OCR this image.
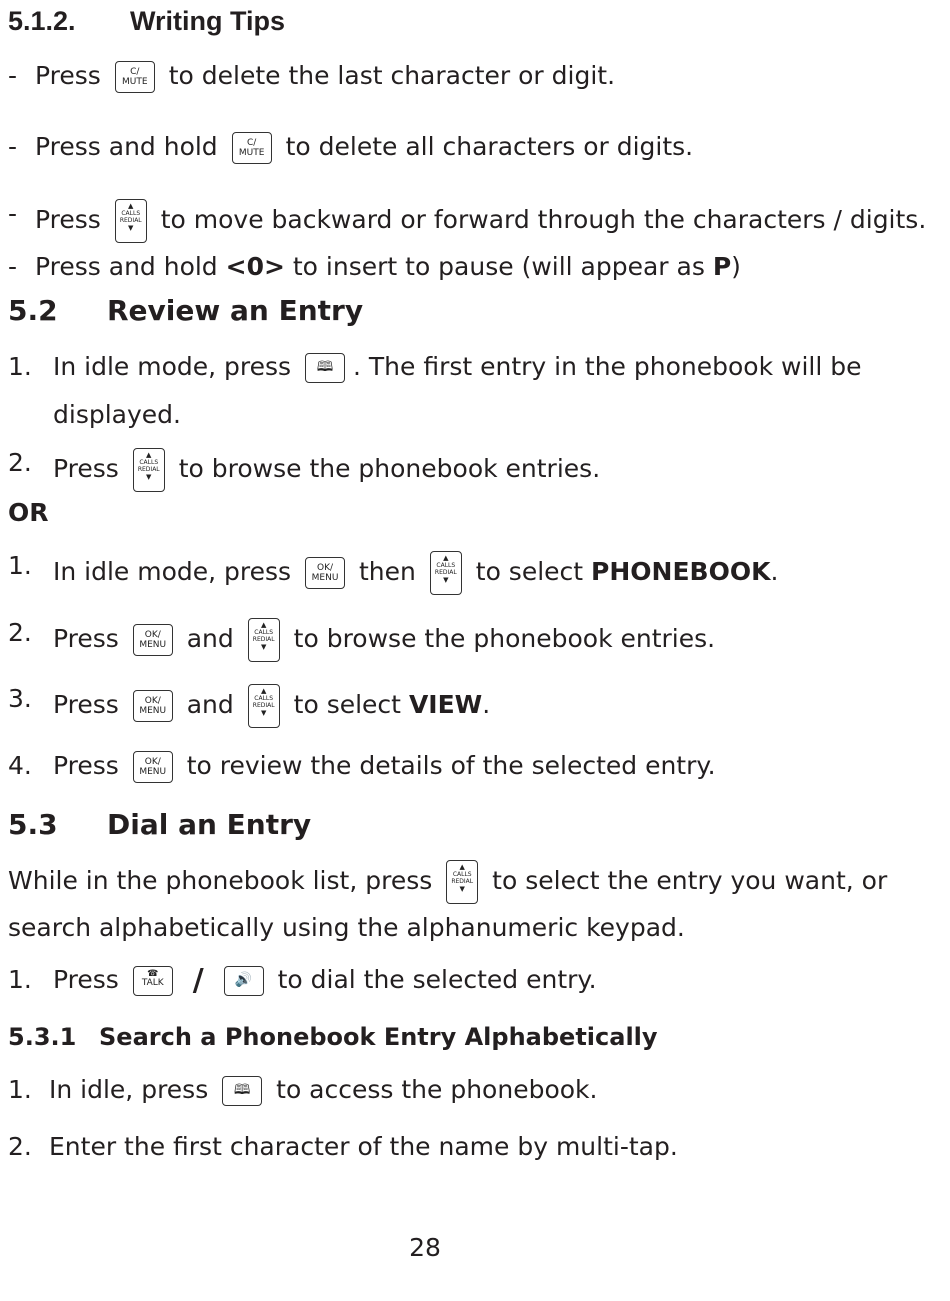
5.1.2. Writing Tips
- Press	C/
MUTE to delete the last character or digit.
- Press and hold	C/
MUTE to delete all characters or digits.
- Press	▲
CALLS
REDIAL
▼	to move backward or forward through the characters / digits.
- Press and hold <0> to insert to pause (will appear as P)
5.2 Review an Entry
1. In idle mode, press 🕮 . The first entry in the phonebook will be
displayed.
2. Press	▲
CALLS
REDIAL
▼	to browse the phonebook entries.
OR
1. In idle mode, press	OK/
MENU then	▲
CALLS
REDIAL
▼	to select PHONEBOOK.
2. Press	OK/
MENU and	▲
CALLS
REDIAL
▼	to browse the phonebook entries.
3. Press	OK/
MENU and	▲
CALLS
REDIAL
▼	to select VIEW.
4. Press	OK/
MENU to review the details of the selected entry.
5.3 Dial an Entry
While in the phonebook list, press	▲
CALLS
REDIAL
▼	to select the entry you want, or
search alphabetically using the alphanumeric keypad.
1. Press	☎
TALK / 🔊 to dial the selected entry.
5.3.1 Search a Phonebook Entry Alphabetically
1. In idle, press 🕮 to access the phonebook.
2. Enter the first character of the name by multi-tap.
28
